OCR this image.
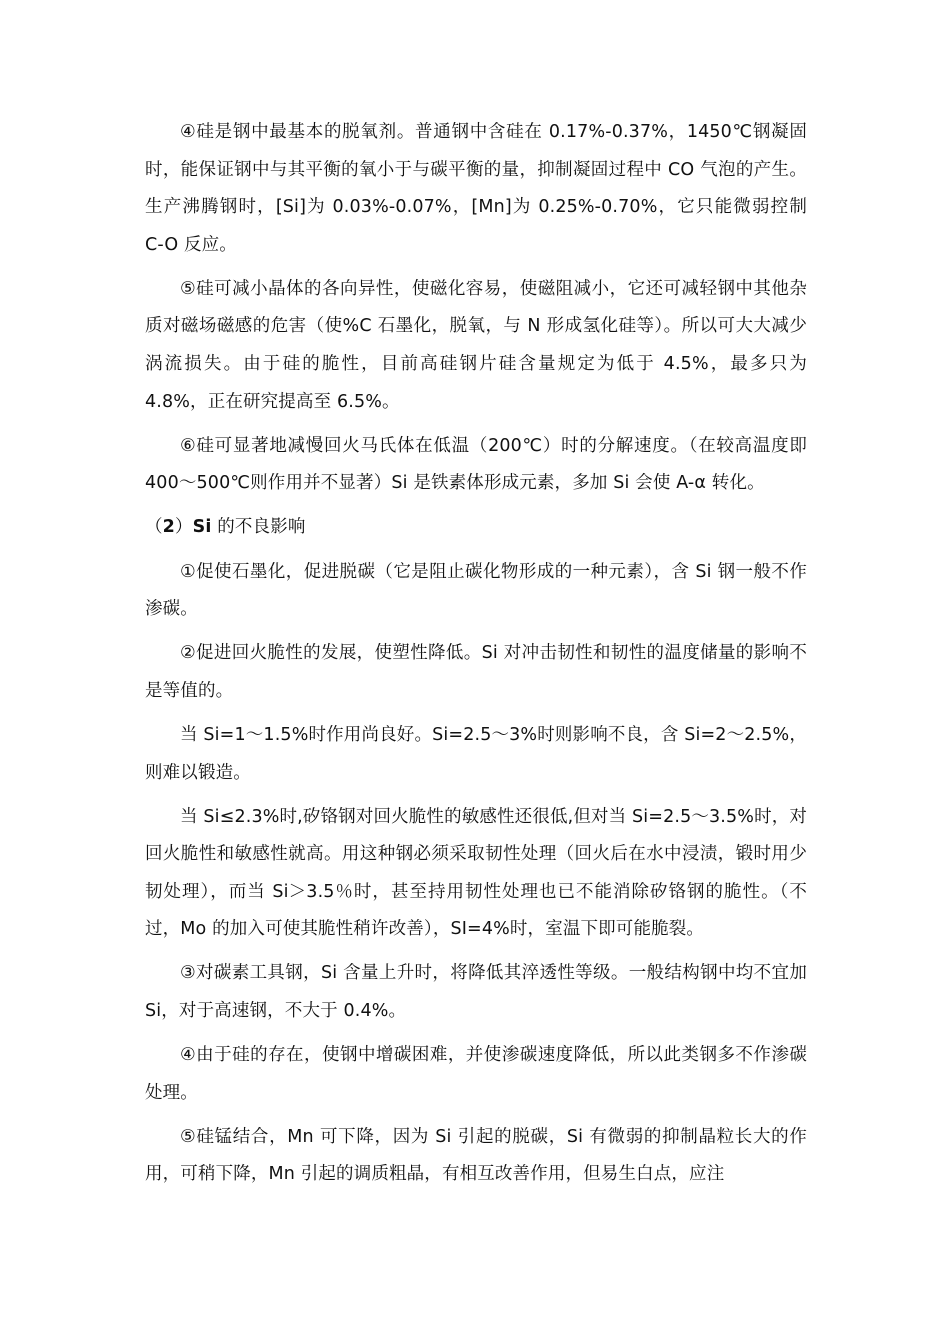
④硅是钢中最基本的脱氧剂。普通钢中含硅在 0.17%-0.37%，1450℃钢凝固时，能保证钢中与其平衡的氧小于与碳平衡的量，抑制凝固过程中 CO 气泡的产生。生产沸腾钢时，[Si]为 0.03%-0.07%，[Mn]为 0.25%-0.70%，它只能微弱控制 C-O 反应。

⑤硅可减小晶体的各向异性，使磁化容易，使磁阻减小，它还可减轻钢中其他杂质对磁场磁感的危害（使%C 石墨化，脱氧，与 N 形成氢化硅等）。所以可大大减少涡流损失。由于硅的脆性，目前高硅钢片硅含量规定为低于 4.5%，最多只为 4.8%，正在研究提高至 6.5%。

⑥硅可显著地减慢回火马氏体在低温（200℃）时的分解速度。（在较高温度即 400～500℃则作用并不显著）Si 是铁素体形成元素，多加 Si 会使 A-α 转化。

（2）Si 的不良影响

①促使石墨化，促进脱碳（它是阻止碳化物形成的一种元素），含 Si 钢一般不作渗碳。

②促进回火脆性的发展，使塑性降低。Si 对冲击韧性和韧性的温度储量的影响不是等值的。

当 Si=1～1.5%时作用尚良好。Si=2.5～3%时则影响不良，含 Si=2～2.5%，则难以锻造。

当 Si≤2.3%时,矽铬钢对回火脆性的敏感性还很低,但对当 Si=2.5～3.5%时，对回火脆性和敏感性就高。用这种钢必须采取韧性处理（回火后在水中浸渍，锻时用少韧处理），而当 Si＞3.5％时，甚至持用韧性处理也已不能消除矽铬钢的脆性。（不过，Mo 的加入可使其脆性稍许改善），SI=4%时，室温下即可能脆裂。

③对碳素工具钢，Si 含量上升时，将降低其淬透性等级。一般结构钢中均不宜加 Si，对于高速钢，不大于 0.4%。

④由于硅的存在，使钢中增碳困难，并使渗碳速度降低，所以此类钢多不作渗碳处理。

⑤硅锰结合，Mn 可下降，因为 Si 引起的脱碳，Si 有微弱的抑制晶粒长大的作用，可稍下降，Mn 引起的调质粗晶，有相互改善作用，但易生白点，应注
